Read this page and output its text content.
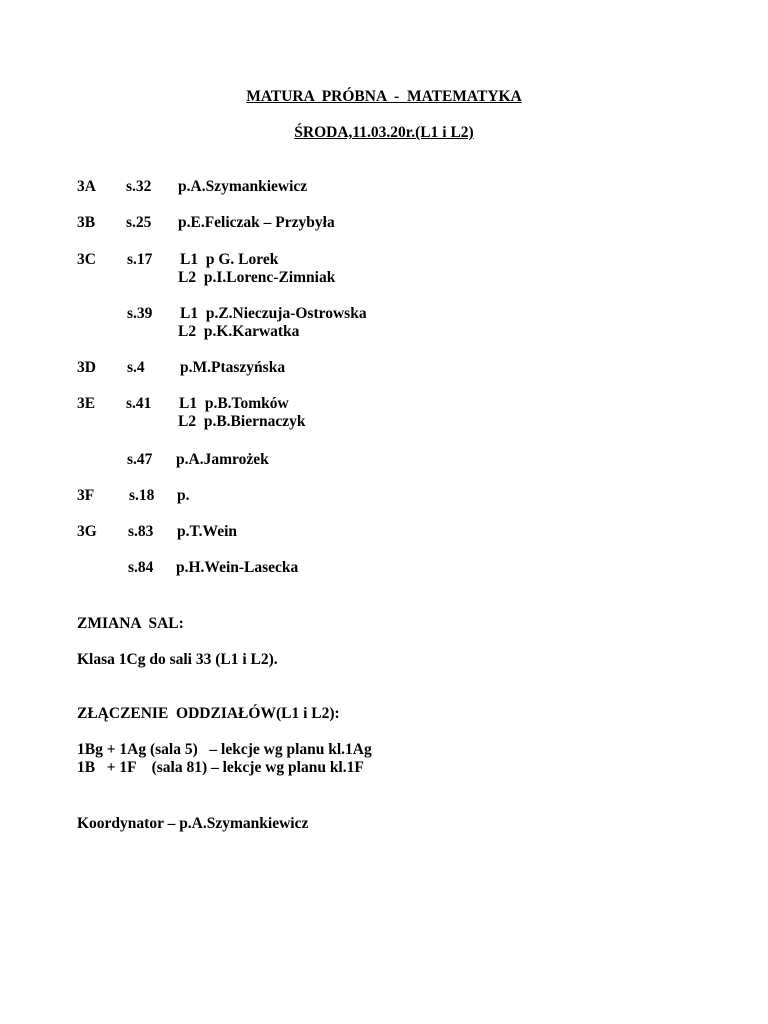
MATURA  PRÓBNA  -  MATEMATYKA
ŚRODA,11.03.20r.(L1 i L2)
3A s.32 p.A.Szymankiewicz
3B s.25 p.E.Feliczak – Przybyła
3C s.17 L1  p G. Lorek
L2  p.I.Lorenc-Zimniak
s.39 L1  p.Z.Nieczuja-Ostrowska
L2  p.K.Karwatka
3D s.4 p.M.Ptaszyńska
3E s.41 L1  p.B.Tomków
L2  p.B.Biernaczyk
s.47 p.A.Jamrożek
3F s.18 p.
3G s.83 p.T.Wein
s.84 p.H.Wein-Lasecka
ZMIANA  SAL:
Klasa 1Cg do sali 33 (L1 i L2).
ZŁĄCZENIE  ODDZIAŁÓW(L1 i L2):
1Bg + 1Ag (sala 5)   – lekcje wg planu kl.1Ag
1B   + 1F    (sala 81) – lekcje wg planu kl.1F
Koordynator – p.A.Szymankiewicz
